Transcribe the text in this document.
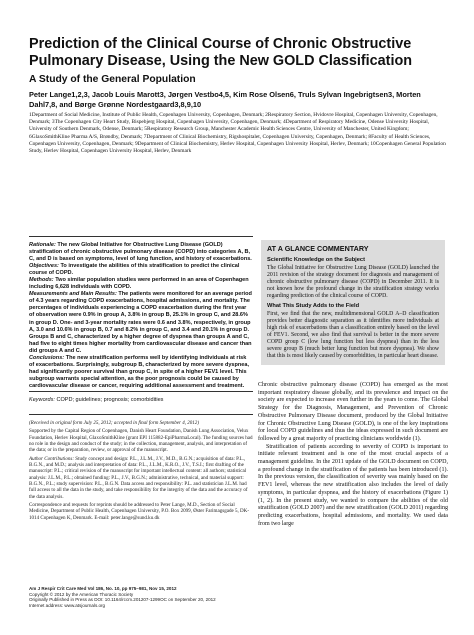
Prediction of the Clinical Course of Chronic Obstructive Pulmonary Disease, Using the New GOLD Classification
A Study of the General Population
Peter Lange1,2,3, Jacob Louis Marott3, Jørgen Vestbo4,5, Kim Rose Olsen6, Truls Sylvan Ingebrigtsen3, Morten Dahl7,8, and Børge Grønne Nordestgaard3,8,9,10
1Department of Social Medicine, Institute of Public Health, Copenhagen University, Copenhagen, Denmark; 2Respiratory Section, Hvidovre Hospital, Copenhagen University, Copenhagen, Denmark; 3The Copenhagen City Heart Study, Bispebjerg Hospital, Copenhagen University, Copenhagen, Denmark; 4Department of Respiratory Medicine, Odense University Hospital, University of Southern Denmark, Odense, Denmark; 5Respiratory Research Group, Manchester Academic Health Sciences Centre, University of Manchester, United Kingdom; 6GlaxoSmithKline Pharma A/S, Brøndby, Denmark; 7Department of Clinical Biochemistry, Rigshospitalet, Copenhagen University, Copenhagen, Denmark; 8Faculty of Health Sciences, Copenhagen University, Copenhagen, Denmark; 9Department of Clinical Biochemistry, Herlev Hospital, Copenhagen University Hospital, Herlev, Denmark; 10Copenhagen General Population Study, Herlev Hospital, Copenhagen University Hospital, Herlev, Denmark

Rationale: The new Global Initiative for Obstructive Lung Disease (GOLD) stratification of chronic obstructive pulmonary disease (COPD) into categories A, B, C, and D is based on symptoms, level of lung function, and history of exacerbations.

Objectives: To investigate the abilities of this stratification to predict the clinical course of COPD.

Methods: Two similar population studies were performed in an area of Copenhagen including 6,628 individuals with COPD.

Measurements and Main Results: The patients were monitored for an average period of 4.3 years regarding COPD exacerbations, hospital admissions, and mortality. The percentages of individuals experiencing a COPD exacerbation during the first year of observation were 0.9% in group A, 3.8% in group B, 25.1% in group C, and 28.6% in group D. One- and 3-year mortality rates were 0.6 and 3.8%, respectively, in group A, 3.0 and 10.6% in group B, 0.7 and 8.2% in group C, and 3.4 and 20.1% in group D. Groups B and C, characterized by a higher degree of dyspnea than groups A and C, had five to eight times higher mortality from cardiovascular disease and cancer than did groups A and C.

Conclusions: The new stratification performs well by identifying individuals at risk of exacerbations. Surprisingly, subgroup B, characterized by more severe dyspnea, had significantly poorer survival than group C, in spite of a higher FEV1 level. This subgroup warrants special attention, as the poor prognosis could be caused by cardiovascular disease or cancer, requiring additional assessment and treatment.

Keywords: COPD; guidelines; prognosis; comorbidities

(Received in original form July 25, 2012; accepted in final form September 4, 2012)

Supported by the Capital Region of Copenhagen, Danish Heart Foundation, Danish Lung Association, Velux Foundation, Herlev Hospital, GlaxoSmithKline (grant EPI 115882-EpiPharmaLocal). The funding sources had no role in the design and conduct of the study; in the collection, management, analysis, and interpretation of the data; or in the preparation, review, or approval of the manuscript.

Author Contributions: Study concept and design: P.L., J.L.M., J.V., M.D., B.G.N.; acquisition of data: P.L., B.G.N., and M.D.; analysis and interpretation of data: P.L., J.L.M., K.R.O., J.V., T.S.I.; first drafting of the manuscript: P.L.; critical revision of the manuscript for important intellectual content: all authors; statistical analysis: J.L.M., P.L.; obtained funding: P.L., J.V., B.G.N.; administrative, technical, and material support: B.G.N., P.L.; study supervision: P.L., B.G.N. Data access and responsibility: P.L. and statistician J.L.M. had full access to all the data in the study, and take responsibility for the integrity of the data and the accuracy of the data analysis.

Correspondence and requests for reprints should be addressed to Peter Lange, M.D., Section of Social Medicine, Department of Public Health, Copenhagen University, P.O. Box 2099, Øster Farimagsgade 5, DK-1014 Copenhagen K, Denmark. E-mail: peter.lange@sund.ku.dk

Am J Respir Crit Care Med Vol 186, No. 10, pp 975–981, Nov 15, 2012
Copyright © 2012 by the American Thoracic Society
Originally Published in Press as DOI: 10.1164/rccm.201207-1299OC on September 20, 2012
Internet address: www.atsjournals.org
AT A GLANCE COMMENTARY
Scientific Knowledge on the Subject

The Global Initiative for Obstructive Lung Disease (GOLD) launched the 2011 revision of the strategy document for diagnosis and management of chronic obstructive pulmonary disease (COPD) in December 2011. It is not known how the profound change in the stratification strategy works regarding prediction of the clinical course of COPD.

What This Study Adds to the Field

First, we find that the new, multidimensional GOLD A–D classification provides better diagnostic separation as it identifies more individuals at high risk of exacerbations than a classification entirely based on the level of FEV1. Second, we also find that survival is better in the more severe COPD group C (low lung function but less dyspnea) than in the less severe group B (much better lung function but more dyspnea). We show that this is most likely caused by comorbidities, in particular heart disease.

Chronic obstructive pulmonary disease (COPD) has emerged as the most important respiratory disease globally, and its prevalence and impact on the society are expected to increase even further in the years to come. The Global Strategy for the Diagnosis, Management, and Prevention of Chronic Obstructive Pulmonary Disease document, produced by the Global Initiative for Chronic Obstructive Lung Disease (GOLD), is one of the key inspirations for local COPD guidelines and thus the ideas expressed in such document are followed by a great majority of practicing clinicians worldwide (1).

Stratification of patients according to severity of COPD is important to initiate relevant treatment and is one of the most crucial aspects of a management guideline. In the 2011 update of the GOLD document on COPD, a profound change in the stratification of the patients has been introduced (1). In the previous version, the classification of severity was mainly based on the FEV1 level, whereas the new stratification also includes the level of daily symptoms, in particular dyspnea, and the history of exacerbations (Figure 1) (1, 2). In the present study, we wanted to compare the abilities of the old stratification (GOLD 2007) and the new stratification (GOLD 2011) regarding predicting exacerbations, hospital admissions, and mortality. We used data from two large
